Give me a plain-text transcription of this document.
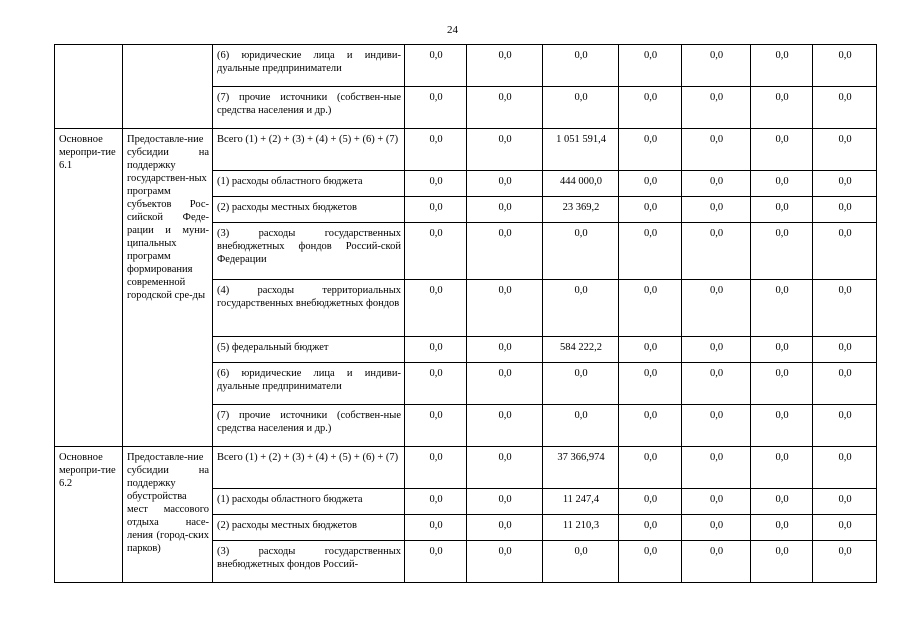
24
		(6) юридические лица и индиви-дуальные предприниматели	0,0	0,0	0,0	0,0	0,0	0,0	0,0
		(7) прочие источники (собствен-ные средства населения и др.)	0,0	0,0	0,0	0,0	0,0	0,0	0,0
Основное меропри-тие 6.1	Предоставле-ние субсидии на поддержку государствен-ных программ субъектов Рос-сийской Феде-рации и муни-ципальных программ формирования современной городской сре-ды	Всего (1) + (2) + (3) + (4) + (5) + (6) + (7)	0,0	0,0	1 051 591,4	0,0	0,0	0,0	0,0
		(1) расходы областного бюджета	0,0	0,0	444 000,0	0,0	0,0	0,0	0,0
		(2) расходы местных бюджетов	0,0	0,0	23 369,2	0,0	0,0	0,0	0,0
		(3) расходы государственных внебюджетных фондов Россий-ской Федерации	0,0	0,0	0,0	0,0	0,0	0,0	0,0
		(4) расходы территориальных государственных внебюджетных фондов	0,0	0,0	0,0	0,0	0,0	0,0	0,0
		(5) федеральный бюджет	0,0	0,0	584 222,2	0,0	0,0	0,0	0,0
		(6) юридические лица и индиви-дуальные предприниматели	0,0	0,0	0,0	0,0	0,0	0,0	0,0
		(7) прочие источники (собствен-ные средства населения и др.)	0,0	0,0	0,0	0,0	0,0	0,0	0,0
Основное меропри-тие 6.2	Предоставле-ние субсидии на поддержку обустройства мест массового отдыха насе-ления (город-ских парков)	Всего (1) + (2) + (3) + (4) + (5) + (6) + (7)	0,0	0,0	37 366,974	0,0	0,0	0,0	0,0
		(1) расходы областного бюджета	0,0	0,0	11 247,4	0,0	0,0	0,0	0,0
		(2) расходы местных бюджетов	0,0	0,0	11 210,3	0,0	0,0	0,0	0,0
		(3) расходы государственных внебюджетных фондов Россий-	0,0	0,0	0,0	0,0	0,0	0,0	0,0
